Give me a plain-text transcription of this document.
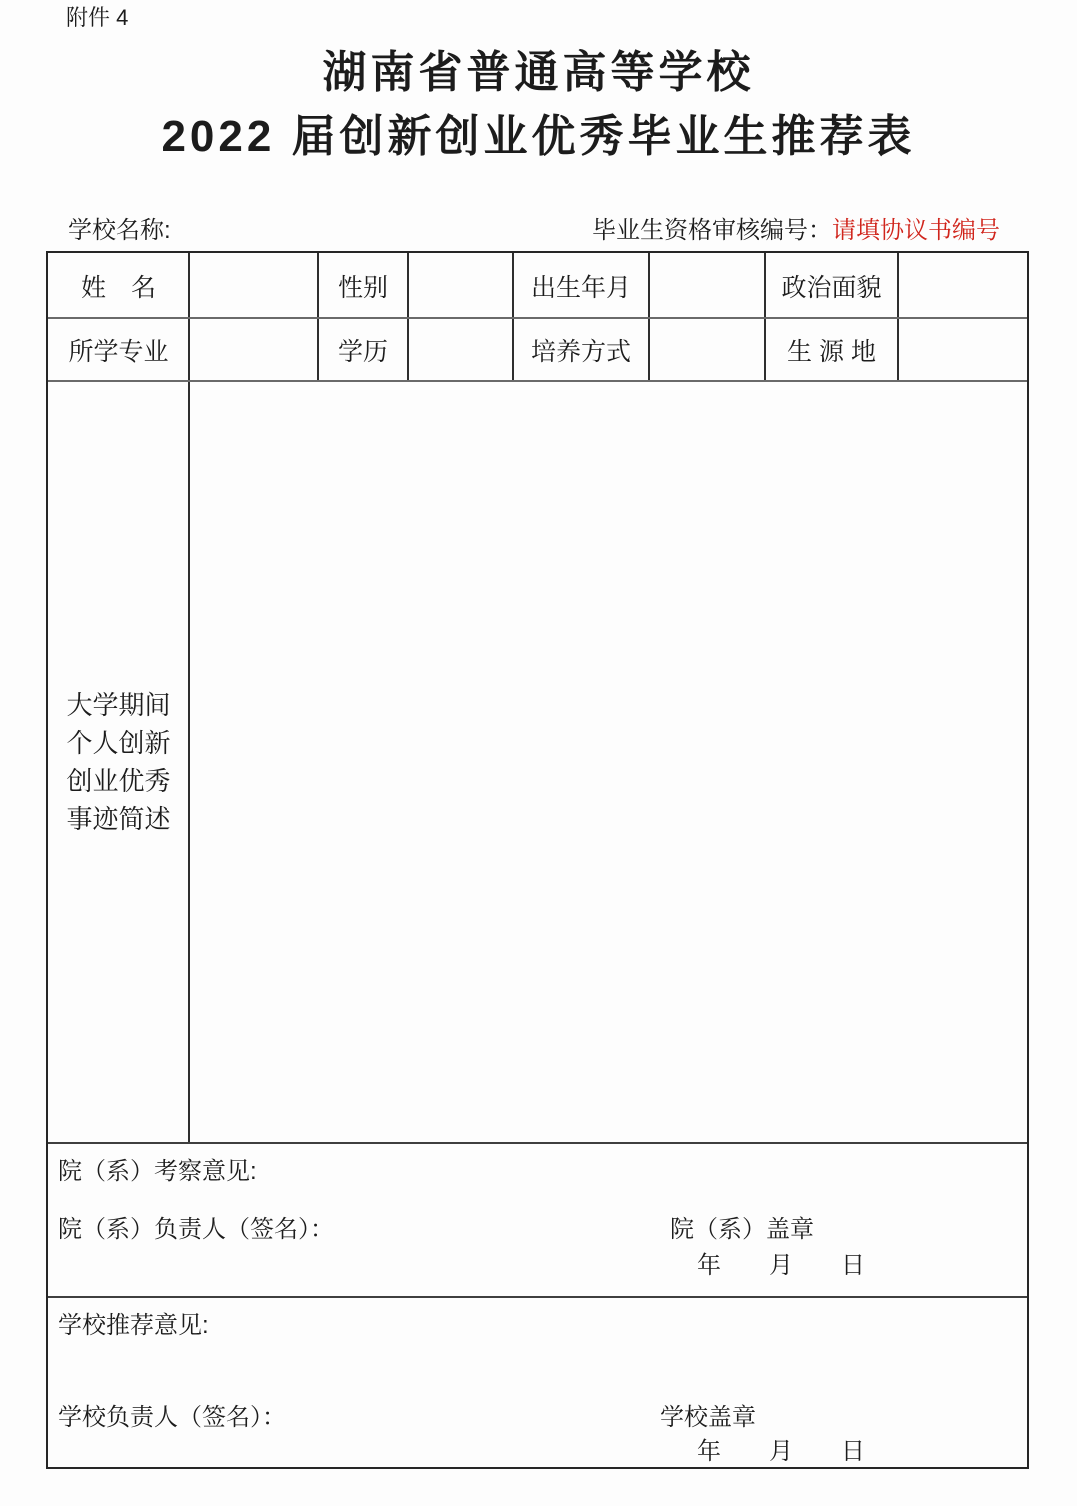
附件 4
湖南省普通高等学校
2022 届创新创业优秀毕业生推荐表
学校名称:	毕业生资格审核编号：请填协议书编号
姓　名	性别	出生年月	政治面貌
所学专业	学历	培养方式	生 源 地
大学期间
个人创新
创业优秀
事迹简述
院（系）考察意见:
院（系）负责人（签名）：	院（系）盖章
年　　月　　日
学校推荐意见:
学校负责人（签名）：	学校盖章
年　　月　　日
